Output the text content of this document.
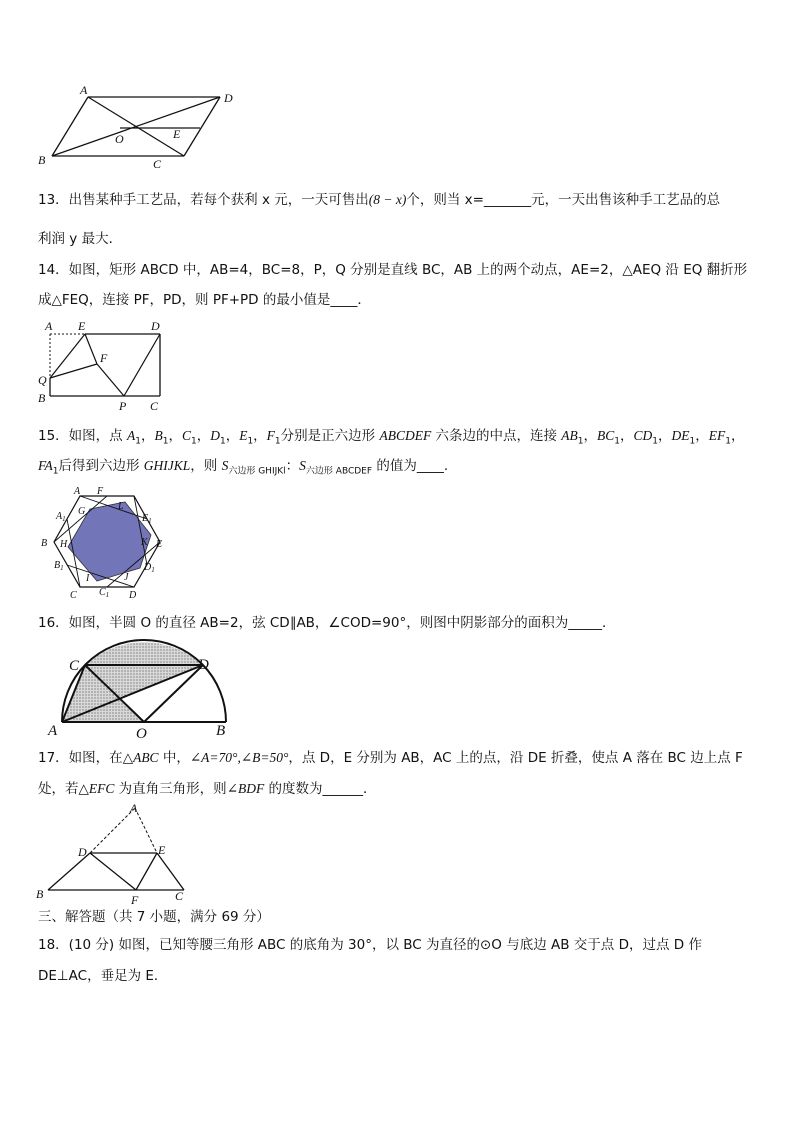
A
D
E
B
O
C
13．出售某种手工艺品，若每个获利 x 元，一天可售出(8 − x)个，则当 x=_______元，一天出售该种手工艺品的总
利润 y 最大．
14．如图，矩形 ABCD 中，AB=4，BC=8，P，Q 分别是直线 BC，AB 上的两个动点，AE=2，△AEQ 沿 EQ 翻折形
成△FEQ，连接 PF，PD，则 PF+PD 的最小值是____．
A E	D
F
Q
B
P C
15．如图，点 $A_1$，$B_1$，$C_1$，$D_1$，$E_1$，$F_1$分别是正六边形 ABCDEF 六条边的中点，连接 $AB_1$，$BC_1$，$CD_1$，$DE_1$，$EF_1$，
$FA_1$后得到六边形 GHIJKL，则 $S_{六边形 GHIJKl}$：$S_{六边形 ABCDEF}$ 的值为____.
A F
L
G
$A_1$	$E_1$
K E
H
B
$B_1$	$D_1$
I	J
C $C_1$ D
16．如图，半圆 O 的直径 AB=2，弦 CD∥AB，∠COD=90°，则图中阴影部分的面积为_____．
C	D
A	O	B
17．如图，在△ABC 中，∠A=70°,∠B=50°，点 D，E 分别为 AB，AC 上的点，沿 DE 折叠，使点 A 落在 BC 边上点 F
处，若△EFC 为直角三角形，则∠BDF 的度数为______．
A
D	E
B	F	C
三、解答题（共 7 小题，满分 69 分）
18．(10 分) 如图，已知等腰三角形 ABC 的底角为 30°，以 BC 为直径的⊙O 与底边 AB 交于点 D，过点 D 作
DE⊥AC，垂足为 E．
